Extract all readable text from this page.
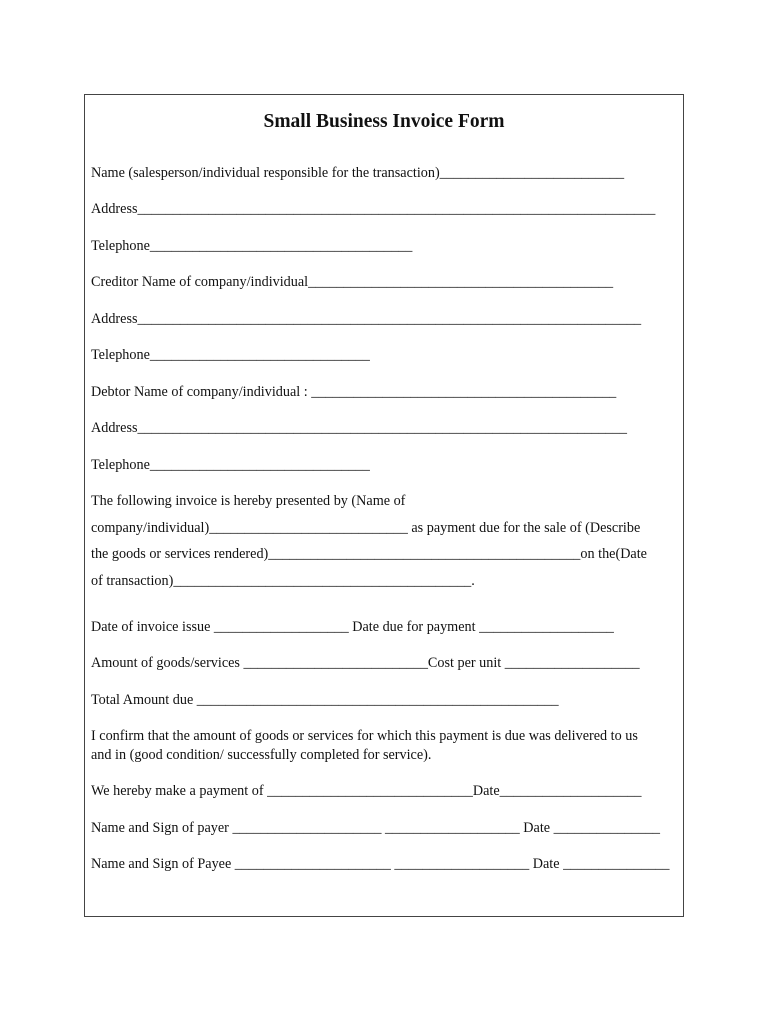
Small Business Invoice Form
Name (salesperson/individual responsible for the transaction)__________________________
Address_________________________________________________________________________
Telephone_____________________________________
Creditor Name of company/individual___________________________________________
Address_______________________________________________________________________
Telephone_______________________________
Debtor Name of company/individual : ___________________________________________
Address_____________________________________________________________________
Telephone_______________________________
The following invoice is hereby presented by (Name of
company/individual)____________________________ as payment due for the sale of (Describe
the goods or services rendered)____________________________________________on the(Date
of transaction)__________________________________________.
Date of invoice issue ___________________ Date due for payment ___________________
Amount of goods/services __________________________Cost per unit ___________________
Total Amount due ___________________________________________________
I confirm that the amount of goods or services for which this payment is due was delivered to us
and in (good condition/ successfully completed for service).
We hereby make a payment of _____________________________Date____________________
Name and Sign of payer _____________________ ___________________ Date _______________
Name and Sign of Payee ______________________ ___________________ Date _______________
